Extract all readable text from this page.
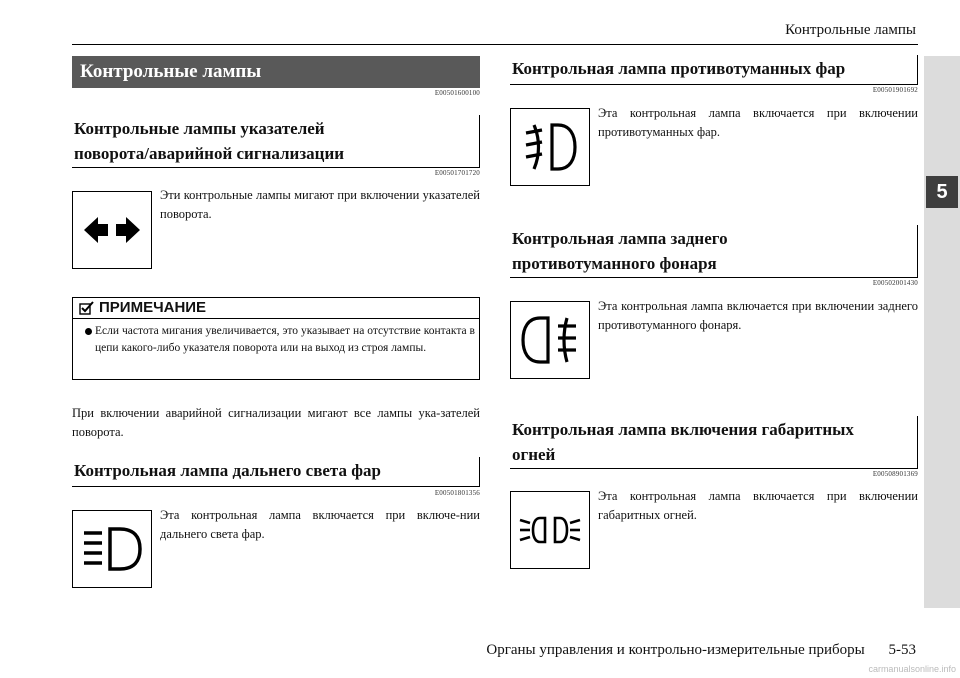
Контрольные лампы
5
Контрольные лампы
E00501600100
Контрольные лампы указателей
поворота/аварийной сигнализации
E00501701720
Эти контрольные лампы мигают при включении указателей поворота.
ПРИМЕЧАНИЕ
Если частота мигания увеличивается, это указывает на отсутствие контакта в цепи какого-либо указателя поворота или на выход из строя лампы.
При включении аварийной сигнализации мигают все лампы ука-зателей поворота.
Контрольная лампа дальнего света фар
E00501801356
Эта контрольная лампа включается при включе-нии дальнего света фар.
Контрольная лампа противотуманных фар
E00501901692
Эта контрольная лампа включается при включении противотуманных фар.
Контрольная лампа заднего
противотуманного фонаря
E00502001430
Эта контрольная лампа включается при включении заднего противотуманного фонаря.
Контрольная лампа включения габаритных
огней
E00508901369
Эта контрольная лампа включается при включении габаритных огней.
Органы управления и контрольно-измерительные приборы 5-53
carmanualsonline.info
